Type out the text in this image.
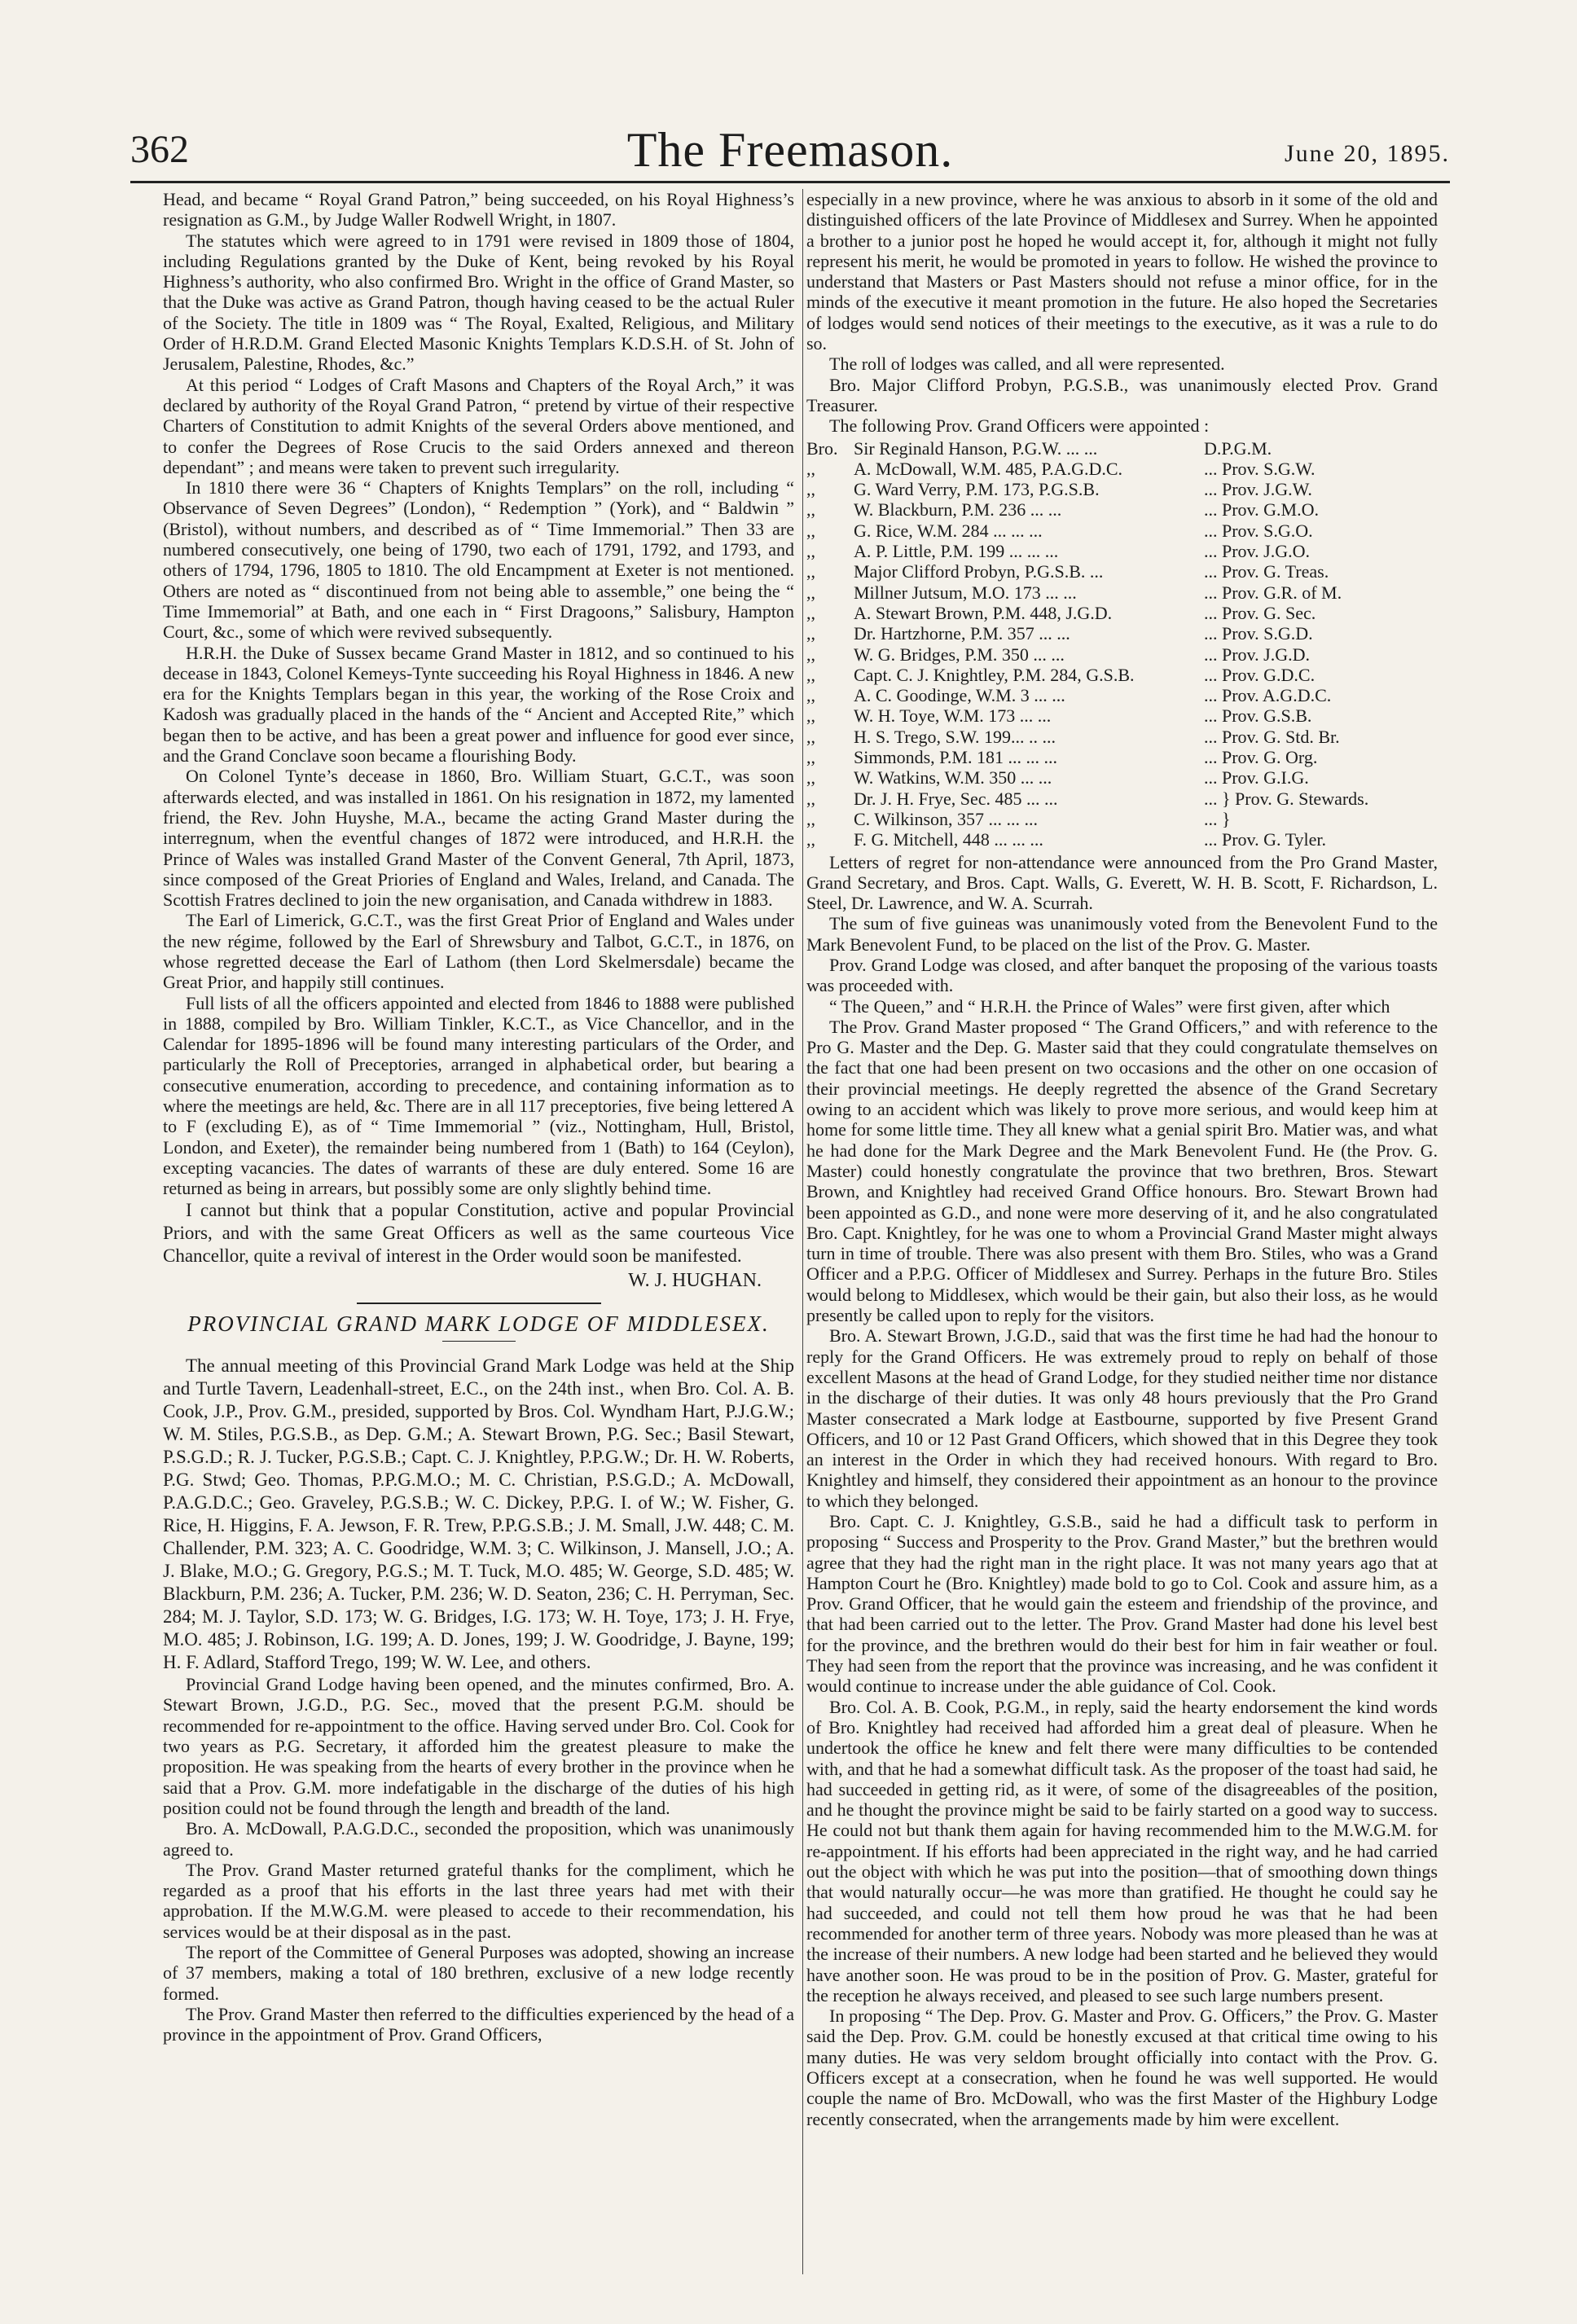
362	The Freemason.	June 20, 1895.

Head, and became “ Royal Grand Patron,” being succeeded, on his Royal Highness’s resignation as G.M., by Judge Waller Rodwell Wright, in 1807.

The statutes which were agreed to in 1791 were revised in 1809 those of 1804, including Regulations granted by the Duke of Kent, being revoked by his Royal Highness’s authority, who also confirmed Bro. Wright in the office of Grand Master, so that the Duke was active as Grand Patron, though having ceased to be the actual Ruler of the Society. The title in 1809 was “ The Royal, Exalted, Religious, and Military Order of H.R.D.M. Grand Elected Masonic Knights Templars K.D.S.H. of St. John of Jerusalem, Palestine, Rhodes, &c.”

At this period “ Lodges of Craft Masons and Chapters of the Royal Arch,” it was declared by authority of the Royal Grand Patron, “ pretend by virtue of their respective Charters of Constitution to admit Knights of the several Orders above mentioned, and to confer the Degrees of Rose Crucis to the said Orders annexed and thereon dependant” ; and means were taken to prevent such irregularity.

In 1810 there were 36 “ Chapters of Knights Templars” on the roll, including “ Observance of Seven Degrees” (London), “ Redemption ” (York), and “ Baldwin ” (Bristol), without numbers, and described as of “ Time Immemorial.” Then 33 are numbered consecutively, one being of 1790, two each of 1791, 1792, and 1793, and others of 1794, 1796, 1805 to 1810. The old Encampment at Exeter is not mentioned. Others are noted as “ discontinued from not being able to assemble,” one being the “ Time Immemorial” at Bath, and one each in “ First Dragoons,” Salisbury, Hampton Court, &c., some of which were revived subsequently.

H.R.H. the Duke of Sussex became Grand Master in 1812, and so continued to his decease in 1843, Colonel Kemeys-Tynte succeeding his Royal Highness in 1846. A new era for the Knights Templars began in this year, the working of the Rose Croix and Kadosh was gradually placed in the hands of the “ Ancient and Accepted Rite,” which began then to be active, and has been a great power and influence for good ever since, and the Grand Conclave soon became a flourishing Body.

On Colonel Tynte’s decease in 1860, Bro. William Stuart, G.C.T., was soon afterwards elected, and was installed in 1861. On his resignation in 1872, my lamented friend, the Rev. John Huyshe, M.A., became the acting Grand Master during the interregnum, when the eventful changes of 1872 were introduced, and H.R.H. the Prince of Wales was installed Grand Master of the Convent General, 7th April, 1873, since composed of the Great Priories of England and Wales, Ireland, and Canada. The Scottish Fratres declined to join the new organisation, and Canada withdrew in 1883.

The Earl of Limerick, G.C.T., was the first Great Prior of England and Wales under the new régime, followed by the Earl of Shrewsbury and Talbot, G.C.T., in 1876, on whose regretted decease the Earl of Lathom (then Lord Skelmersdale) became the Great Prior, and happily still continues.

Full lists of all the officers appointed and elected from 1846 to 1888 were published in 1888, compiled by Bro. William Tinkler, K.C.T., as Vice Chancellor, and in the Calendar for 1895-1896 will be found many interesting particulars of the Order, and particularly the Roll of Preceptories, arranged in alphabetical order, but bearing a consecutive enumeration, according to precedence, and containing information as to where the meetings are held, &c. There are in all 117 preceptories, five being lettered A to F (excluding E), as of “ Time Immemorial ” (viz., Nottingham, Hull, Bristol, London, and Exeter), the remainder being numbered from 1 (Bath) to 164 (Ceylon), excepting vacancies. The dates of warrants of these are duly entered. Some 16 are returned as being in arrears, but possibly some are only slightly behind time.

I cannot but think that a popular Constitution, active and popular Provincial Priors, and with the same Great Officers as well as the same courteous Vice Chancellor, quite a revival of interest in the Order would soon be manifested.

W. J. HUGHAN.
PROVINCIAL GRAND MARK LODGE OF MIDDLESEX.

The annual meeting of this Provincial Grand Mark Lodge was held at the Ship and Turtle Tavern, Leadenhall-street, E.C., on the 24th inst., when Bro. Col. A. B. Cook, J.P., Prov. G.M., presided, supported by Bros. Col. Wyndham Hart, P.J.G.W.; W. M. Stiles, P.G.S.B., as Dep. G.M.; A. Stewart Brown, P.G. Sec.; Basil Stewart, P.S.G.D.; R. J. Tucker, P.G.S.B.; Capt. C. J. Knightley, P.P.G.W.; Dr. H. W. Roberts, P.G. Stwd; Geo. Thomas, P.P.G.M.O.; M. C. Christian, P.S.G.D.; A. McDowall, P.A.G.D.C.; Geo. Graveley, P.G.S.B.; W. C. Dickey, P.P.G. I. of W.; W. Fisher, G. Rice, H. Higgins, F. A. Jewson, F. R. Trew, P.P.G.S.B.; J. M. Small, J.W. 448; C. M. Challender, P.M. 323; A. C. Goodridge, W.M. 3; C. Wilkinson, J. Mansell, J.O.; A. J. Blake, M.O.; G. Gregory, P.G.S.; M. T. Tuck, M.O. 485; W. George, S.D. 485; W. Blackburn, P.M. 236; A. Tucker, P.M. 236; W. D. Seaton, 236; C. H. Perryman, Sec. 284; M. J. Taylor, S.D. 173; W. G. Bridges, I.G. 173; W. H. Toye, 173; J. H. Frye, M.O. 485; J. Robinson, I.G. 199; A. D. Jones, 199; J. W. Goodridge, J. Bayne, 199; H. F. Adlard, Stafford Trego, 199; W. W. Lee, and others.

Provincial Grand Lodge having been opened, and the minutes confirmed, Bro. A. Stewart Brown, J.G.D., P.G. Sec., moved that the present P.G.M. should be recommended for re-appointment to the office. Having served under Bro. Col. Cook for two years as P.G. Secretary, it afforded him the greatest pleasure to make the proposition. He was speaking from the hearts of every brother in the province when he said that a Prov. G.M. more indefatigable in the discharge of the duties of his high position could not be found through the length and breadth of the land.

Bro. A. McDowall, P.A.G.D.C., seconded the proposition, which was unanimously agreed to.

The Prov. Grand Master returned grateful thanks for the compliment, which he regarded as a proof that his efforts in the last three years had met with their approbation. If the M.W.G.M. were pleased to accede to their recommendation, his services would be at their disposal as in the past.

The report of the Committee of General Purposes was adopted, showing an increase of 37 members, making a total of 180 brethren, exclusive of a new lodge recently formed.

The Prov. Grand Master then referred to the difficulties experienced by the head of a province in the appointment of Prov. Grand Officers,

especially in a new province, where he was anxious to absorb in it some of the old and distinguished officers of the late Province of Middlesex and Surrey. When he appointed a brother to a junior post he hoped he would accept it, for, although it might not fully represent his merit, he would be promoted in years to follow. He wished the province to understand that Masters or Past Masters should not refuse a minor office, for in the minds of the executive it meant promotion in the future. He also hoped the Secretaries of lodges would send notices of their meetings to the executive, as it was a rule to do so.

The roll of lodges was called, and all were represented.

Bro. Major Clifford Probyn, P.G.S.B., was unanimously elected Prov. Grand Treasurer.

The following Prov. Grand Officers were appointed :

Bro. Sir Reginald Hanson, P.G.W. ... ...	D.P.G.M.
,,	A. McDowall, W.M. 485, P.A.G.D.C.	... Prov. S.G.W.
,,	G. Ward Verry, P.M. 173, P.G.S.B.	... Prov. J.G.W.
,,	W. Blackburn, P.M. 236 ... ...	... Prov. G.M.O.
,,	G. Rice, W.M. 284 ... ... ...	... Prov. S.G.O.
,,	A. P. Little, P.M. 199 ... ... ...	... Prov. J.G.O.
,,	Major Clifford Probyn, P.G.S.B. ...	... Prov. G. Treas.
,,	Millner Jutsum, M.O. 173 ... ...	... Prov. G.R. of M.
,,	A. Stewart Brown, P.M. 448, J.G.D.	... Prov. G. Sec.
,,	Dr. Hartzhorne, P.M. 357 ... ...	... Prov. S.G.D.
,,	W. G. Bridges, P.M. 350 ... ...	... Prov. J.G.D.
,,	Capt. C. J. Knightley, P.M. 284, G.S.B.	... Prov. G.D.C.
,,	A. C. Goodinge, W.M. 3 ... ...	... Prov. A.G.D.C.
,,	W. H. Toye, W.M. 173 ... ...	... Prov. G.S.B.
,,	H. S. Trego, S.W. 199... .. ...	... Prov. G. Std. Br.
,,	Simmonds, P.M. 181 ... ... ...	... Prov. G. Org.
,,	W. Watkins, W.M. 350 ... ...	... Prov. G.I.G.
,,	Dr. J. H. Frye, Sec. 485 ... ...	... } Prov. G. Stewards.
,,	C. Wilkinson, 357 ... ... ...	... }
,,	F. G. Mitchell, 448 ... ... ...	... Prov. G. Tyler.

Letters of regret for non-attendance were announced from the Pro Grand Master, Grand Secretary, and Bros. Capt. Walls, G. Everett, W. H. B. Scott, F. Richardson, L. Steel, Dr. Lawrence, and W. A. Scurrah.

The sum of five guineas was unanimously voted from the Benevolent Fund to the Mark Benevolent Fund, to be placed on the list of the Prov. G. Master.

Prov. Grand Lodge was closed, and after banquet the proposing of the various toasts was proceeded with.

“ The Queen,” and “ H.R.H. the Prince of Wales” were first given, after which

The Prov. Grand Master proposed “ The Grand Officers,” and with reference to the Pro G. Master and the Dep. G. Master said that they could congratulate themselves on the fact that one had been present on two occasions and the other on one occasion of their provincial meetings. He deeply regretted the absence of the Grand Secretary owing to an accident which was likely to prove more serious, and would keep him at home for some little time. They all knew what a genial spirit Bro. Matier was, and what he had done for the Mark Degree and the Mark Benevolent Fund. He (the Prov. G. Master) could honestly congratulate the province that two brethren, Bros. Stewart Brown, and Knightley had received Grand Office honours. Bro. Stewart Brown had been appointed as G.D., and none were more deserving of it, and he also congratulated Bro. Capt. Knightley, for he was one to whom a Provincial Grand Master might always turn in time of trouble. There was also present with them Bro. Stiles, who was a Grand Officer and a P.P.G. Officer of Middlesex and Surrey. Perhaps in the future Bro. Stiles would belong to Middlesex, which would be their gain, but also their loss, as he would presently be called upon to reply for the visitors.

Bro. A. Stewart Brown, J.G.D., said that was the first time he had had the honour to reply for the Grand Officers. He was extremely proud to reply on behalf of those excellent Masons at the head of Grand Lodge, for they studied neither time nor distance in the discharge of their duties. It was only 48 hours previously that the Pro Grand Master consecrated a Mark lodge at Eastbourne, supported by five Present Grand Officers, and 10 or 12 Past Grand Officers, which showed that in this Degree they took an interest in the Order in which they had received honours. With regard to Bro. Knightley and himself, they considered their appointment as an honour to the province to which they belonged.

Bro. Capt. C. J. Knightley, G.S.B., said he had a difficult task to perform in proposing “ Success and Prosperity to the Prov. Grand Master,” but the brethren would agree that they had the right man in the right place. It was not many years ago that at Hampton Court he (Bro. Knightley) made bold to go to Col. Cook and assure him, as a Prov. Grand Officer, that he would gain the esteem and friendship of the province, and that had been carried out to the letter. The Prov. Grand Master had done his level best for the province, and the brethren would do their best for him in fair weather or foul. They had seen from the report that the province was increasing, and he was confident it would continue to increase under the able guidance of Col. Cook.

Bro. Col. A. B. Cook, P.G.M., in reply, said the hearty endorsement the kind words of Bro. Knightley had received had afforded him a great deal of pleasure. When he undertook the office he knew and felt there were many difficulties to be contended with, and that he had a somewhat difficult task. As the proposer of the toast had said, he had succeeded in getting rid, as it were, of some of the disagreeables of the position, and he thought the province might be said to be fairly started on a good way to success. He could not but thank them again for having recommended him to the M.W.G.M. for re-appointment. If his efforts had been appreciated in the right way, and he had carried out the object with which he was put into the position—that of smoothing down things that would naturally occur—he was more than gratified. He thought he could say he had succeeded, and could not tell them how proud he was that he had been recommended for another term of three years. Nobody was more pleased than he was at the increase of their numbers. A new lodge had been started and he believed they would have another soon. He was proud to be in the position of Prov. G. Master, grateful for the reception he always received, and pleased to see such large numbers present.

In proposing “ The Dep. Prov. G. Master and Prov. G. Officers,” the Prov. G. Master said the Dep. Prov. G.M. could be honestly excused at that critical time owing to his many duties. He was very seldom brought officially into contact with the Prov. G. Officers except at a consecration, when he found he was well supported. He would couple the name of Bro. McDowall, who was the first Master of the Highbury Lodge recently consecrated, when the arrangements made by him were excellent.
